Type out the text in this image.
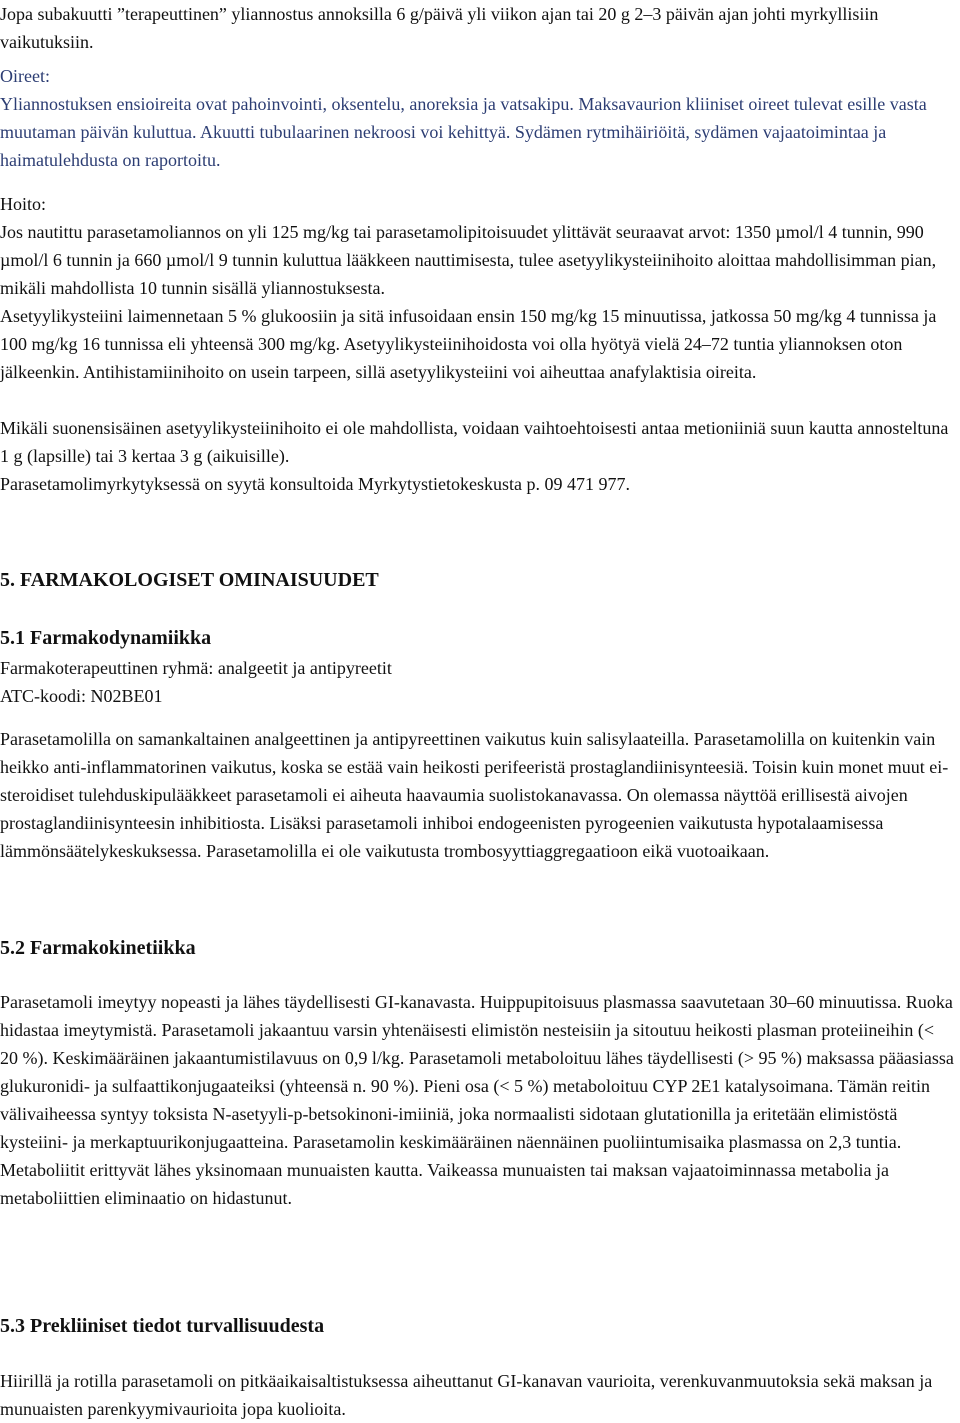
Jopa subakuutti ”terapeuttinen” yliannostus annoksilla 6 g/päivä yli viikon ajan tai 20 g 2–3 päivän ajan johti myrkyllisiin vaikutuksiin.

Oireet:

Yliannostuksen ensioireita ovat pahoinvointi, oksentelu, anoreksia ja vatsakipu. Maksavaurion kliiniset oireet tulevat esille vasta muutaman päivän kuluttua. Akuutti tubulaarinen nekroosi voi kehittyä. Sydämen rytmihäiriöitä, sydämen vajaatoimintaa ja haimatulehdusta on raportoitu.

Hoito:

Jos nautittu parasetamoliannos on yli 125 mg/kg tai parasetamolipitoisuudet ylittävät seuraavat arvot: 1350 µmol/l 4 tunnin, 990 µmol/l 6 tunnin ja 660 µmol/l 9 tunnin kuluttua lääkkeen nauttimisesta, tulee asetyylikysteiinihoito aloittaa mahdollisimman pian, mikäli mahdollista 10 tunnin sisällä yliannostuksesta.

Asetyylikysteiini laimennetaan 5 % glukoosiin ja sitä infusoidaan ensin 150 mg/kg 15 minuutissa, jatkossa 50 mg/kg 4 tunnissa ja 100 mg/kg 16 tunnissa eli yhteensä 300 mg/kg. Asetyylikysteiinihoidosta voi olla hyötyä vielä 24–72 tuntia yliannoksen oton jälkeenkin. Antihistamiinihoito on usein tarpeen, sillä asetyylikysteiini voi aiheuttaa anafylaktisia oireita.

Mikäli suonensisäinen asetyylikysteiinihoito ei ole mahdollista, voidaan vaihtoehtoisesti antaa metioniiniä suun kautta annosteltuna 1 g (lapsille) tai 3 kertaa 3 g (aikuisille).

Parasetamolimyrkytyksessä on syytä konsultoida Myrkytystietokeskusta p. 09 471 977.

5. FARMAKOLOGISET OMINAISUUDET

5.1 Farmakodynamiikka

Farmakoterapeuttinen ryhmä: analgeetit ja antipyreetit

ATC-koodi: N02BE01

Parasetamolilla on samankaltainen analgeettinen ja antipyreettinen vaikutus kuin salisylaateilla. Parasetamolilla on kuitenkin vain heikko anti-inflammatorinen vaikutus, koska se estää vain heikosti perifeeristä prostaglandiinisynteesiä. Toisin kuin monet muut ei-steroidiset tulehduskipulääkkeet parasetamoli ei aiheuta haavaumia suolistokanavassa. On olemassa näyttöä erillisestä aivojen prostaglandiinisynteesin inhibitiosta. Lisäksi parasetamoli inhiboi endogeenisten pyrogeenien vaikutusta hypotalaamisessa lämmönsäätelykeskuksessa. Parasetamolilla ei ole vaikutusta trombosyyttiaggregaatioon eikä vuotoaikaan.

5.2 Farmakokinetiikka

Parasetamoli imeytyy nopeasti ja lähes täydellisesti GI-kanavasta. Huippupitoisuus plasmassa saavutetaan 30–60 minuutissa. Ruoka hidastaa imeytymistä. Parasetamoli jakaantuu varsin yhtenäisesti elimistön nesteisiin ja sitoutuu heikosti plasman proteiineihin (< 20 %). Keskimääräinen jakaantumistilavuus on 0,9 l/kg. Parasetamoli metaboloituu lähes täydellisesti (> 95 %) maksassa pääasiassa glukuronidi- ja sulfaattikonjugaateiksi (yhteensä n. 90 %). Pieni osa (< 5 %) metaboloituu CYP 2E1 katalysoimana. Tämän reitin välivaiheessa syntyy toksista N-asetyyli-p-betsokinoni-imiiniä, joka normaalisti sidotaan glutationilla ja eritetään elimistöstä kysteiini- ja merkaptuurikonjugaatteina. Parasetamolin keskimääräinen näennäinen puoliintumisaika plasmassa on 2,3 tuntia. Metaboliitit erittyvät lähes yksinomaan munuaisten kautta. Vaikeassa munuaisten tai maksan vajaatoiminnassa metabolia ja metaboliittien eliminaatio on hidastunut.

5.3 Prekliiniset tiedot turvallisuudesta

Hiirillä ja rotilla parasetamoli on pitkäaikaisaltistuksessa aiheuttanut GI-kanavan vaurioita, verenkuvanmuutoksia sekä maksan ja munuaisten parenkyymivaurioita jopa kuolioita.
